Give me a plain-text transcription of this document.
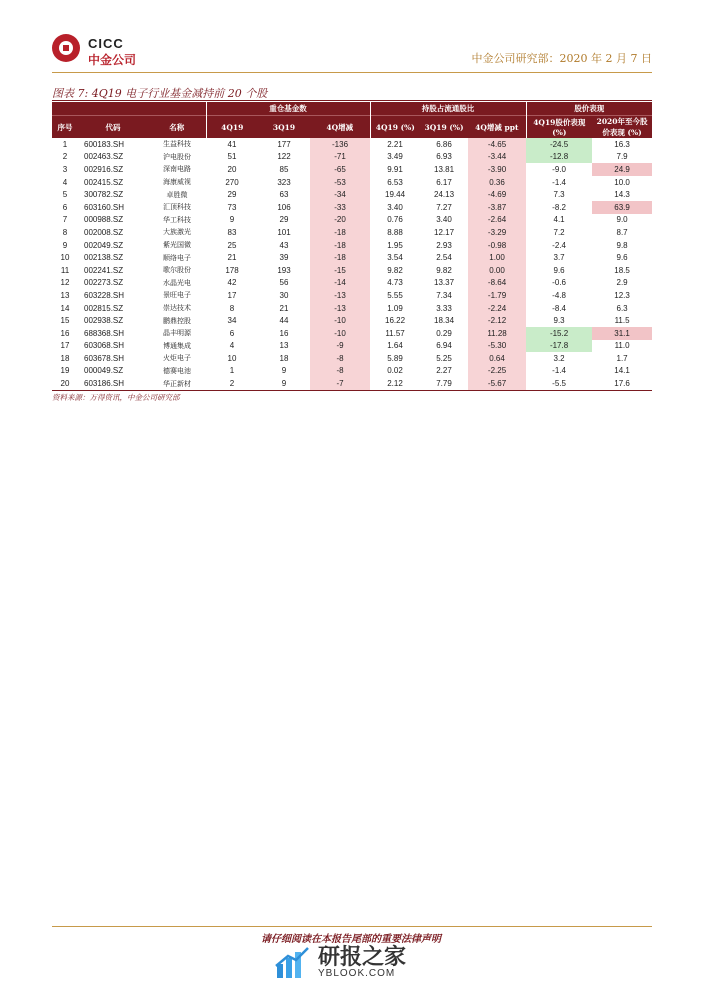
CICC
中金公司	中金公司研究部：2020 年 2 月 7 日
图表 7: 4Q19 电子行业基金减持前 20 个股
			重仓基金数			持股占流通股比			股价表现	
序号	代码	名称	4Q19	3Q19	4Q增减	4Q19 (%)	3Q19 (%)	4Q增减 ppt	4Q19股价表现 (%)	2020年至今股价表现 (%)
1	600183.SH	生益科技	41	177	-136	2.21	6.86	-4.65	-24.5	16.3
2	002463.SZ	沪电股份	51	122	-71	3.49	6.93	-3.44	-12.8	7.9
3	002916.SZ	深南电路	20	85	-65	9.91	13.81	-3.90	-9.0	24.9
4	002415.SZ	海康威视	270	323	-53	6.53	6.17	0.36	-1.4	10.0
5	300782.SZ	卓胜微	29	63	-34	19.44	24.13	-4.69	7.3	14.3
6	603160.SH	汇顶科技	73	106	-33	3.40	7.27	-3.87	-8.2	63.9
7	000988.SZ	华工科技	9	29	-20	0.76	3.40	-2.64	4.1	9.0
8	002008.SZ	大族激光	83	101	-18	8.88	12.17	-3.29	7.2	8.7
9	002049.SZ	紫光国微	25	43	-18	1.95	2.93	-0.98	-2.4	9.8
10	002138.SZ	顺络电子	21	39	-18	3.54	2.54	1.00	3.7	9.6
11	002241.SZ	歌尔股份	178	193	-15	9.82	9.82	0.00	9.6	18.5
12	002273.SZ	水晶光电	42	56	-14	4.73	13.37	-8.64	-0.6	2.9
13	603228.SH	景旺电子	17	30	-13	5.55	7.34	-1.79	-4.8	12.3
14	002815.SZ	崇达技术	8	21	-13	1.09	3.33	-2.24	-8.4	6.3
15	002938.SZ	鹏鼎控股	34	44	-10	16.22	18.34	-2.12	9.3	11.5
16	688368.SH	晶丰明源	6	16	-10	11.57	0.29	11.28	-15.2	31.1
17	603068.SH	博通集成	4	13	-9	1.64	6.94	-5.30	-17.8	11.0
18	603678.SH	火炬电子	10	18	-8	5.89	5.25	0.64	3.2	1.7
19	000049.SZ	德赛电池	1	9	-8	0.02	2.27	-2.25	-1.4	14.1
20	603186.SH	华正新材	2	9	-7	2.12	7.79	-5.67	-5.5	17.6
资料来源：万得资讯，中金公司研究部
请仔细阅读在本报告尾部的重要法律声明
研报之家
YBLOOK.COM
